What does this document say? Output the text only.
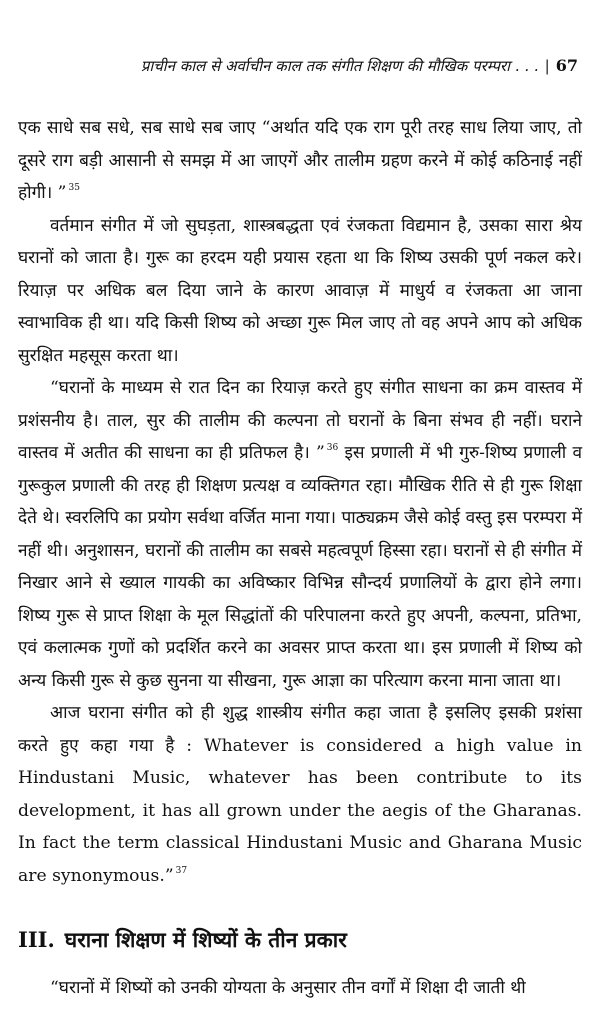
प्राचीन काल से अर्वाचीन काल तक संगीत शिक्षण की मौखिक परम्परा . . . | 67

एक साधे सब सधे, सब साधे सब जाए “अर्थात यदि एक राग पूरी तरह साध लिया जाए, तो दूसरे राग बड़ी आसानी से समझ में आ जाएगें और तालीम ग्रहण करने में कोई कठिनाई नहीं होगी। ” $^{35}$

वर्तमान संगीत में जो सुघड़ता, शास्त्रबद्धता एवं रंजकता विद्यमान है, उसका सारा श्रेय घरानों को जाता है। गुरू का हरदम यही प्रयास रहता था कि शिष्य उसकी पूर्ण नकल करे। रियाज़ पर अधिक बल दिया जाने के कारण आवाज़ में माधुर्य व रंजकता आ जाना स्वाभाविक ही था। यदि किसी शिष्य को अच्छा गुरू मिल जाए तो वह अपने आप को अधिक सुरक्षित महसूस करता था।

“घरानों के माध्यम से रात दिन का रियाज़ करते हुए संगीत साधना का क्रम वास्तव में प्रशंसनीय है। ताल, सुर की तालीम की कल्पना तो घरानों के बिना संभव ही नहीं। घराने वास्तव में अतीत की साधना का ही प्रतिफल है। ” $^{36}$ इस प्रणाली में भी गुरु-शिष्य प्रणाली व गुरूकुल प्रणाली की तरह ही शिक्षण प्रत्यक्ष व व्यक्तिगत रहा। मौखिक रीति से ही गुरू शिक्षा देते थे। स्वरलिपि का प्रयोग सर्वथा वर्जित माना गया। पाठ्यक्रम जैसे कोई वस्तु इस परम्परा में नहीं थी। अनुशासन, घरानों की तालीम का सबसे महत्वपूर्ण हिस्सा रहा। घरानों से ही संगीत में निखार आने से ख्याल गायकी का अविष्कार विभिन्न सौन्दर्य प्रणालियों के द्वारा होने लगा। शिष्य गुरू से प्राप्त शिक्षा के मूल सिद्धांतों की परिपालना करते हुए अपनी, कल्पना, प्रतिभा, एवं कलात्मक गुणों को प्रदर्शित करने का अवसर प्राप्त करता था। इस प्रणाली में शिष्य को अन्य किसी गुरू से कुछ सुनना या सीखना, गुरू आज्ञा का परित्याग करना माना जाता था।

आज घराना संगीत को ही शुद्ध शास्त्रीय संगीत कहा जाता है इसलिए इसकी प्रशंसा करते हुए कहा गया है : Whatever is considered a high value in Hindustani Music, whatever has been contribute to its development, it has all grown under the aegis of the Gharanas. In fact the term classical Hindustani Music and Gharana Music are synonymous.” $^{37}$

III. घराना शिक्षण में शिष्यों के तीन प्रकार
“घरानों में शिष्यों को उनकी योग्यता के अनुसार तीन वर्गों में शिक्षा दी जाती थी
